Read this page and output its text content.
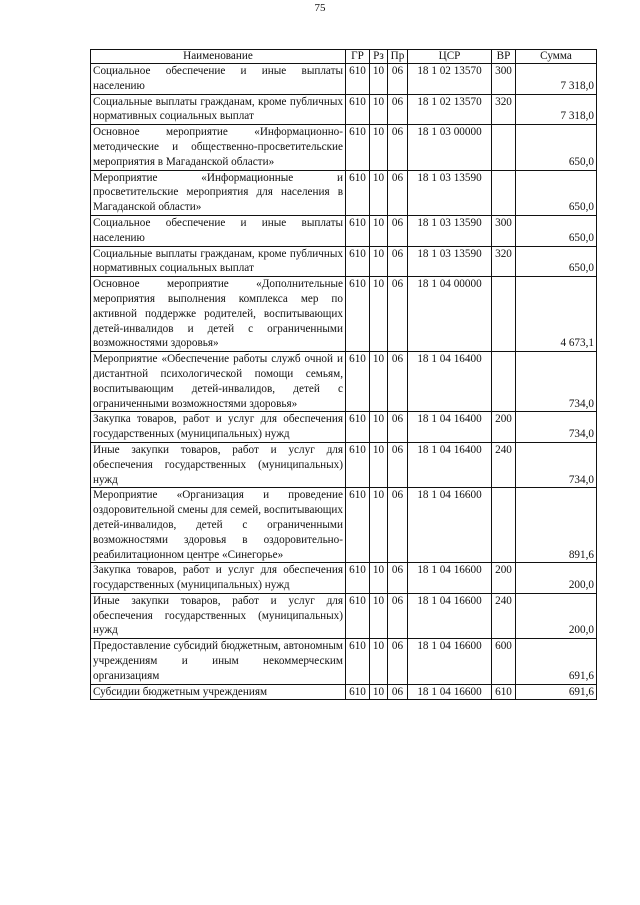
75
Наименование	ГР	Рз	Пр	ЦСР	ВР	Сумма
Социальное обеспечение и иные выплаты населению	610	10	06	18 1 02 13570	300	7 318,0
Социальные выплаты гражданам, кроме публичных нормативных социальных выплат	610	10	06	18 1 02 13570	320	7 318,0
Основное мероприятие «Информационно-методические и общественно-просветительские мероприятия в Магаданской области»	610	10	06	18 1 03 00000		650,0
Мероприятие «Информационные и просветительские мероприятия для населения в Магаданской области»	610	10	06	18 1 03 13590		650,0
Социальное обеспечение и иные выплаты населению	610	10	06	18 1 03 13590	300	650,0
Социальные выплаты гражданам, кроме публичных нормативных социальных выплат	610	10	06	18 1 03 13590	320	650,0
Основное мероприятие «Дополнительные мероприятия выполнения комплекса мер по активной поддержке родителей, воспитывающих детей-инвалидов и детей с ограниченными возможностями здоровья»	610	10	06	18 1 04 00000		4 673,1
Мероприятие «Обеспечение работы служб очной и дистантной психологической помощи семьям, воспитывающим детей-инвалидов, детей с ограниченными возможностями здоровья»	610	10	06	18 1 04 16400		734,0
Закупка товаров, работ и услуг для обеспечения государственных (муниципальных) нужд	610	10	06	18 1 04 16400	200	734,0
Иные закупки товаров, работ и услуг для обеспечения государственных (муниципальных) нужд	610	10	06	18 1 04 16400	240	734,0
Мероприятие «Организация и проведение оздоровительной смены для семей, воспитывающих детей-инвалидов, детей с ограниченными возможностями здоровья в оздоровительно-реабилитационном центре «Синегорье»	610	10	06	18 1 04 16600		891,6
Закупка товаров, работ и услуг для обеспечения государственных (муниципальных) нужд	610	10	06	18 1 04 16600	200	200,0
Иные закупки товаров, работ и услуг для обеспечения государственных (муниципальных) нужд	610	10	06	18 1 04 16600	240	200,0
Предоставление субсидий бюджетным, автономным учреждениям и иным некоммерческим организациям	610	10	06	18 1 04 16600	600	691,6
Субсидии бюджетным учреждениям	610	10	06	18 1 04 16600	610	691,6
